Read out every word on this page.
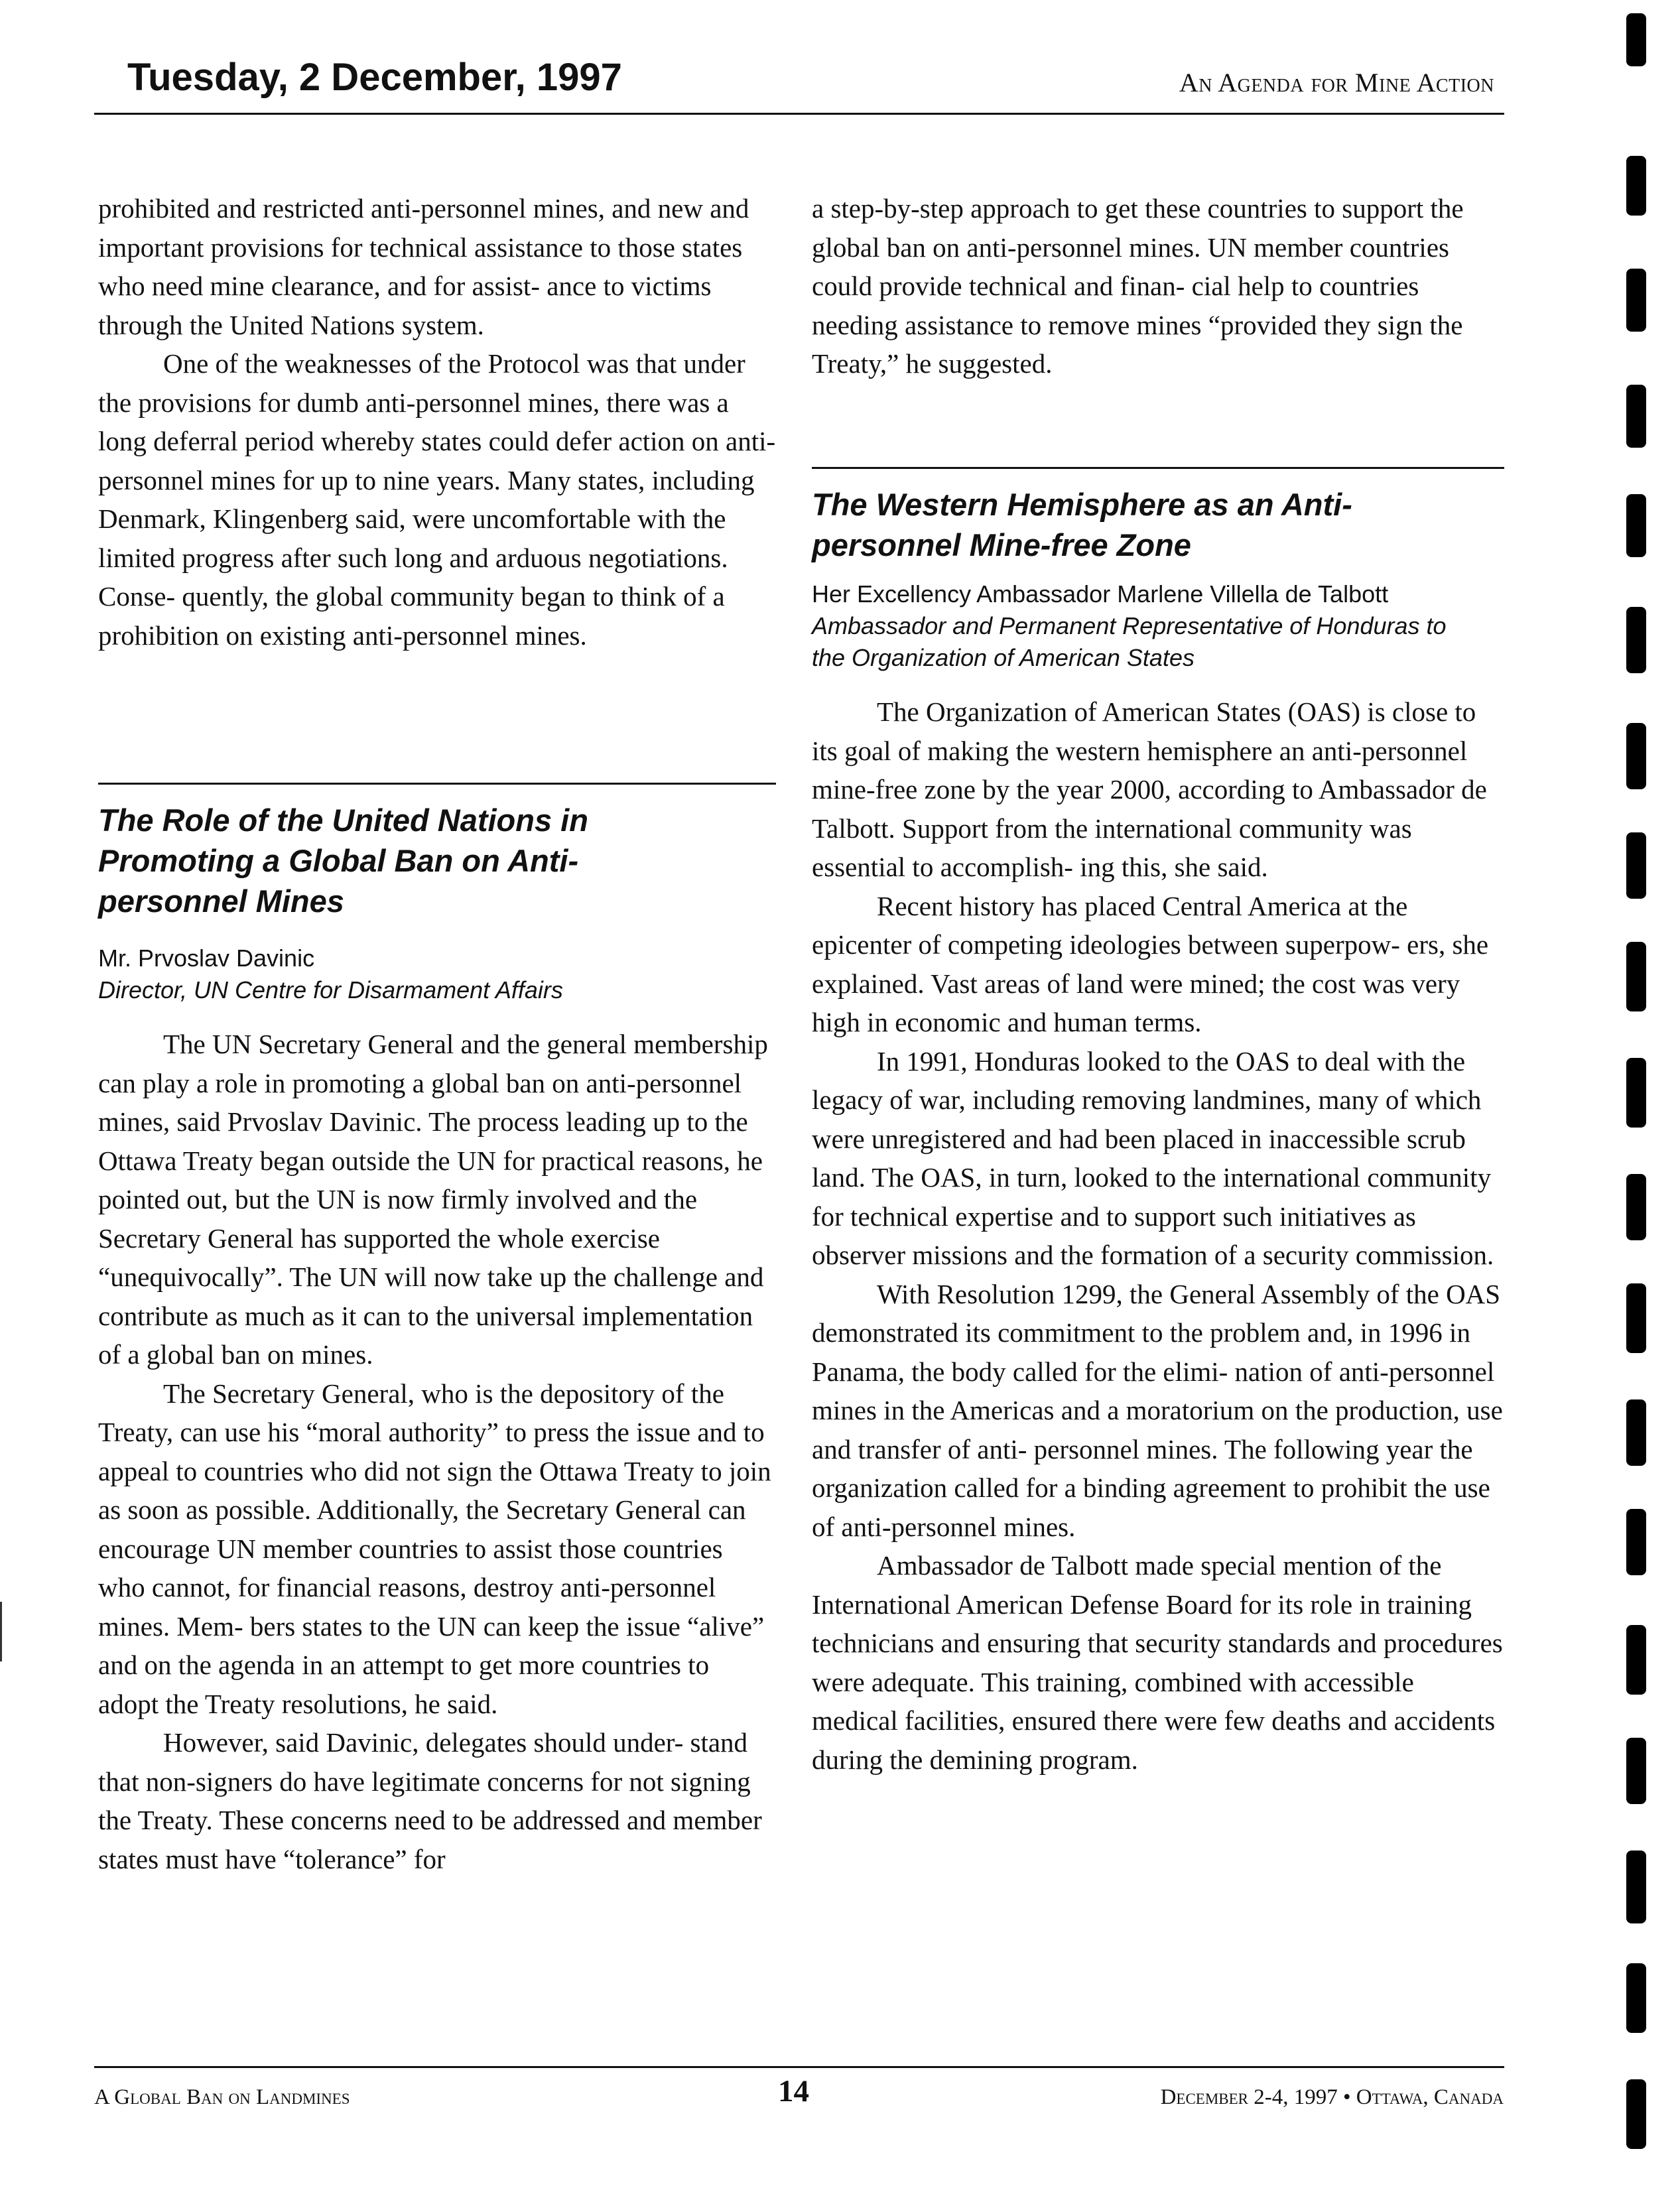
Tuesday, 2 December, 1997	An Agenda for Mine Action

prohibited and restricted anti-personnel mines, and new and important provisions for technical assistance to those states who need mine clearance, and for assist- ance to victims through the United Nations system.

One of the weaknesses of the Protocol was that under the provisions for dumb anti-personnel mines, there was a long deferral period whereby states could defer action on anti-personnel mines for up to nine years. Many states, including Denmark, Klingenberg said, were uncomfortable with the limited progress after such long and arduous negotiations. Conse- quently, the global community began to think of a prohibition on existing anti-personnel mines.

The Role of the United Nations in Promoting a Global Ban on Anti-personnel Mines

Mr. Prvoslav Davinic

Director, UN Centre for Disarmament Affairs

The UN Secretary General and the general membership can play a role in promoting a global ban on anti-personnel mines, said Prvoslav Davinic. The process leading up to the Ottawa Treaty began outside the UN for practical reasons, he pointed out, but the UN is now firmly involved and the Secretary General has supported the whole exercise “unequivocally”. The UN will now take up the challenge and contribute as much as it can to the universal implementation of a global ban on mines.

The Secretary General, who is the depository of the Treaty, can use his “moral authority” to press the issue and to appeal to countries who did not sign the Ottawa Treaty to join as soon as possible. Additionally, the Secretary General can encourage UN member countries to assist those countries who cannot, for financial reasons, destroy anti-personnel mines. Mem- bers states to the UN can keep the issue “alive” and on the agenda in an attempt to get more countries to adopt the Treaty resolutions, he said.

However, said Davinic, delegates should under- stand that non-signers do have legitimate concerns for not signing the Treaty. These concerns need to be addressed and member states must have “tolerance” for

a step-by-step approach to get these countries to support the global ban on anti-personnel mines. UN member countries could provide technical and finan- cial help to countries needing assistance to remove mines “provided they sign the Treaty,” he suggested.

The Western Hemisphere as an Anti-personnel Mine-free Zone

Her Excellency Ambassador Marlene Villella de Talbott

Ambassador and Permanent Representative of Honduras to the Organization of American States

The Organization of American States (OAS) is close to its goal of making the western hemisphere an anti-personnel mine-free zone by the year 2000, according to Ambassador de Talbott. Support from the international community was essential to accomplish- ing this, she said.

Recent history has placed Central America at the epicenter of competing ideologies between superpow- ers, she explained. Vast areas of land were mined; the cost was very high in economic and human terms.

In 1991, Honduras looked to the OAS to deal with the legacy of war, including removing landmines, many of which were unregistered and had been placed in inaccessible scrub land. The OAS, in turn, looked to the international community for technical expertise and to support such initiatives as observer missions and the formation of a security commission.

With Resolution 1299, the General Assembly of the OAS demonstrated its commitment to the problem and, in 1996 in Panama, the body called for the elimi- nation of anti-personnel mines in the Americas and a moratorium on the production, use and transfer of anti- personnel mines. The following year the organization called for a binding agreement to prohibit the use of anti-personnel mines.

Ambassador de Talbott made special mention of the International American Defense Board for its role in training technicians and ensuring that security standards and procedures were adequate. This training, combined with accessible medical facilities, ensured there were few deaths and accidents during the demining program.

A Global Ban on Landmines	14	December 2-4, 1997 • Ottawa, Canada
